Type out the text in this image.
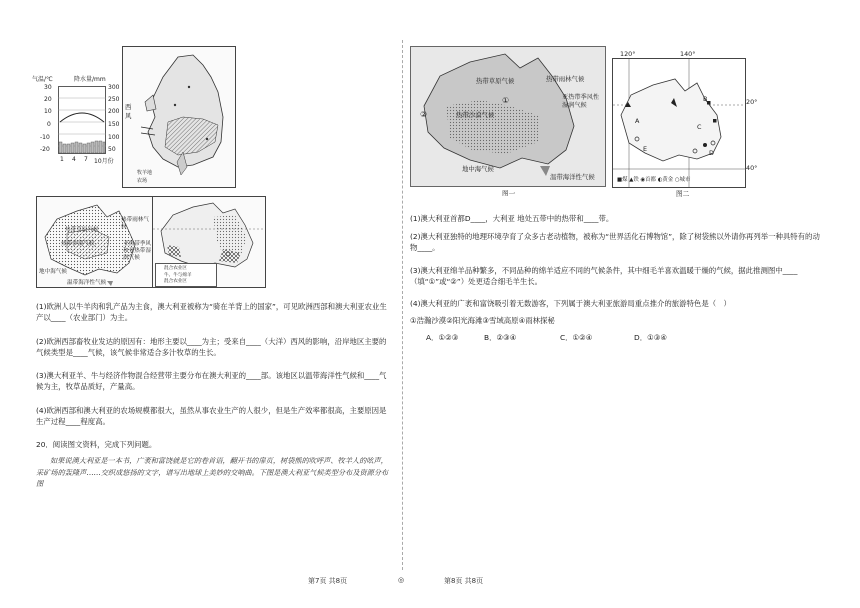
气温/℃	降水量/mm
30
20
10
0
-10
-20
300
250
200
150
100
50
1 4 7 10月份
西风
牧羊地
农场
热带雨林气候
热带草原气候
热带沙漠气候	亚热带季风和亚热带湿润气候
地中海气候
温带海洋性气候
混合农业区
牛、牛与绵羊
混合农业区
(1)欧洲人以牛羊肉和乳产品为主食，澳大利亚被称为“骑在羊背上的国家”，可见欧洲西部和澳大利亚农业生产以____（农业部门）为主。
(2)欧洲西部畜牧业发达的原因有：地形主要以____为主；受来自____（大洋）西风的影响，沿岸地区主要的气候类型是____气候，该气候非常适合多汁牧草的生长。
(3)澳大利亚羊、牛与经济作物混合经营带主要分布在澳大利亚的____部。该地区以温带海洋性气候和____气候为主，牧草品质好，产量高。
(4)欧洲西部和澳大利亚的农场规模都很大，虽然从事农业生产的人很少，但是生产效率都很高，主要原因是生产过程____程度高。
20．阅读图文资料，完成下列问题。
如果说澳大利亚是一本书，广袤和富饶就是它的卷首语，翻开书的扉页，树袋熊的吹呼声、牧羊人的吆声，采矿场的轰隆声……交织成悠扬的文字，谱写出地球上美妙的交响曲。下图是澳大利亚气候类型分布及资源分布图
热带草原气候	热带雨林气候
热带沙漠气候
亚热带季风性湿润气候
地中海气候
温带海洋性气候
①
②
图一
A
B
C
D
E
■煤 ▲铁 ◉首都 ◐黄金 ○城市
120°	140°
20°
40°
图二
(1)澳大利亚首都D____，大利亚 地处五带中的热带和____带。
(2)澳大利亚独特的地理环境孕育了众多古老动植物，被称为“世界活化石博物馆”，除了树袋熊以外请你再列举一种具特有的动物____。
(3)澳大利亚绵羊品种繁多，不同品种的绵羊适应不同的气候条件，其中细毛羊喜欢温暖干燥的气候，据此推测图中____（填“①”或“②”）处更适合细毛羊生长。
(4)澳大利亚的广袤和富饶吸引着无数游客，下列属于澳大利亚旅游局重点推介的旅游特色是（　）
①浩瀚沙漠②阳光海滩③雪域高原④雨林探秘
A．①②③	B．②③④	C．①②④	D．①③④
第7页 共8页	◎	第8页 共8页
